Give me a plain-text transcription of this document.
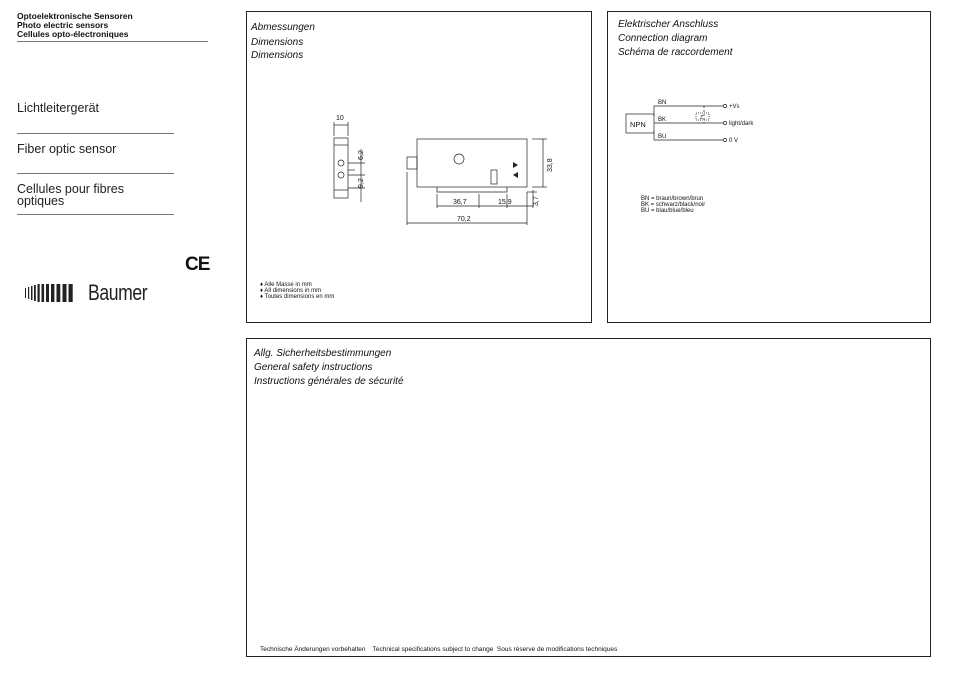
Optoelektronische Sensoren
Photo electric sensors
Cellules opto-électroniques
Lichtleitergerät
Fiber optic sensor
Cellules pour fibres
optiques
CE
Baumer
Abmessungen
Dimensions
Dimensions
10
6,2
9,2
33,8
36,7	15,9	3,7
70,2
♦ Alle Masse in mm
♦ All dimensions in mm
♦ Toutes dimensions en mm
Elektrischer Anschluss
Connection diagram
Schéma de raccordement
NPN
BN
BK
BU
Z
+Vs
light/dark
0 V
BN = braun/brown/brun
BK = schwarz/black/noir
BU = blau/blue/bleu
Allg. Sicherheitsbestimmungen
General safety instructions
Instructions générales de sécurité
Technische Änderungen vorbehalten    Technical specifications subject to change  Sous réserve de modifications techniques
